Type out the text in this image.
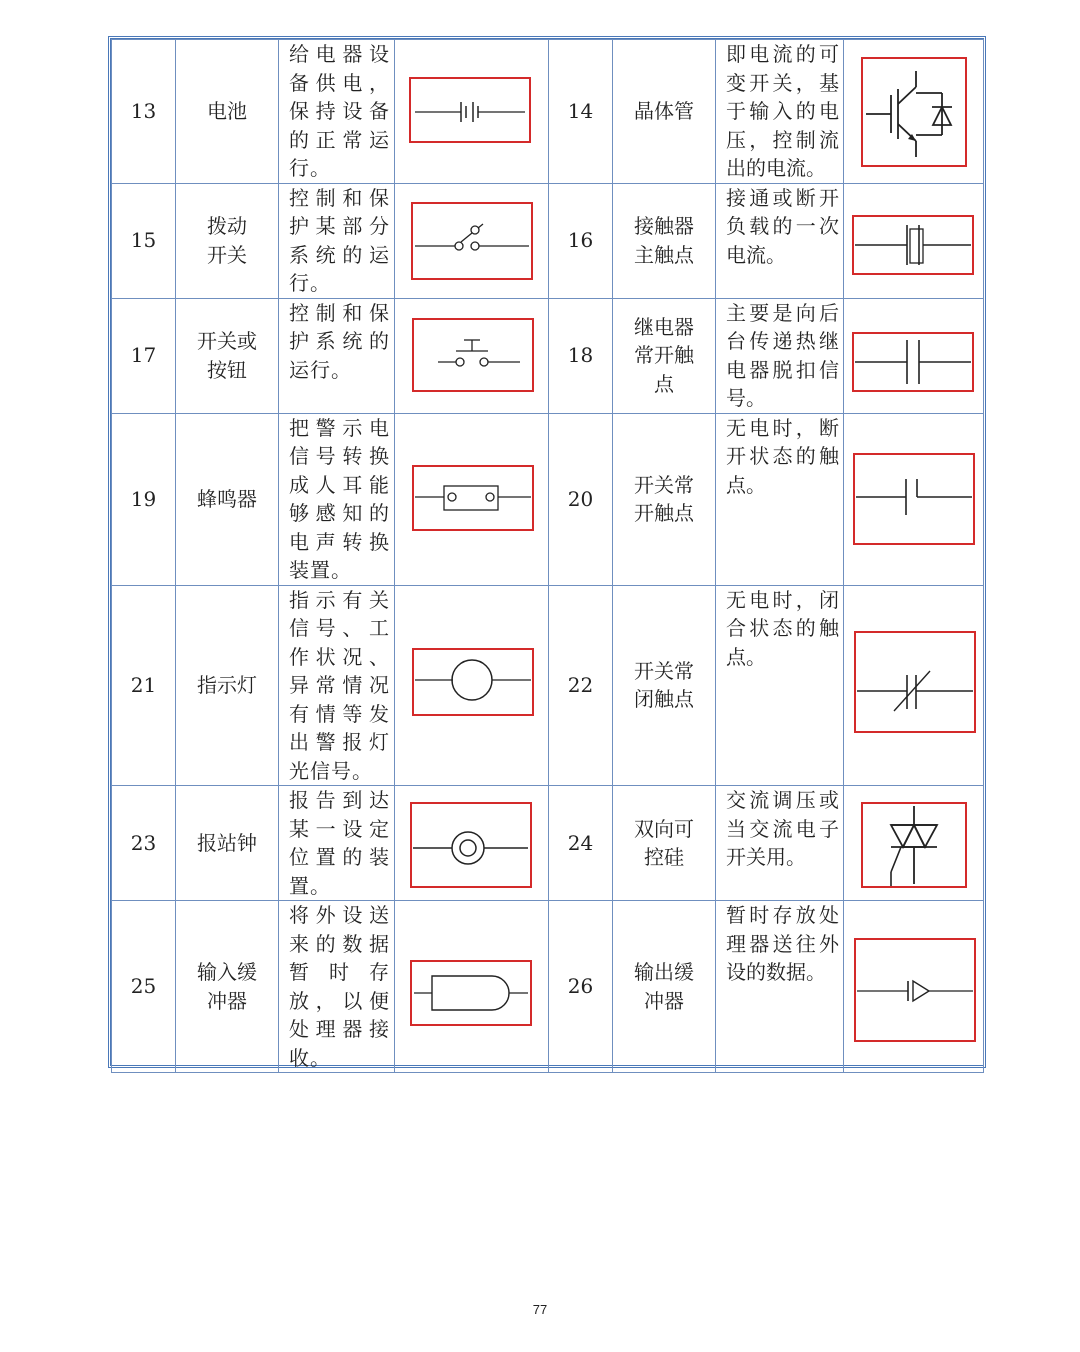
13	电池	给电器设备供电，保持设备的正常运行。		14	晶体管	即电流的可变开关，基于输入的电压，控制流出的电流。	

15	拨动
开关	控制和保护某部分系统的运行。		16	接触器
主触点	接通或断开负载的一次电流。	

17	开关或
按钮	控制和保护系统的运行。		18	继电器
常开触
点	主要是向后台传递热继电器脱扣信号。	

19	蜂鸣器	把警示电信号转换成人耳能够感知的电声转换装置。		20	开关常
开触点	无电时，断开状态的触点。	

21	指示灯	指示有关信号、工作状况、异常情况有情等发出警报灯光信号。		22	开关常
闭触点	无电时，闭合状态的触点。	

23	报站钟	报告到达某一设定位置的装置。		24	双向可
控硅	交流调压或当交流电子开关用。	

25	输入缓
冲器	将外设送来的数据暂时存放，以便处理器接收。		26	输出缓
冲器	暂时存放处理器送往外设的数据。	
77
